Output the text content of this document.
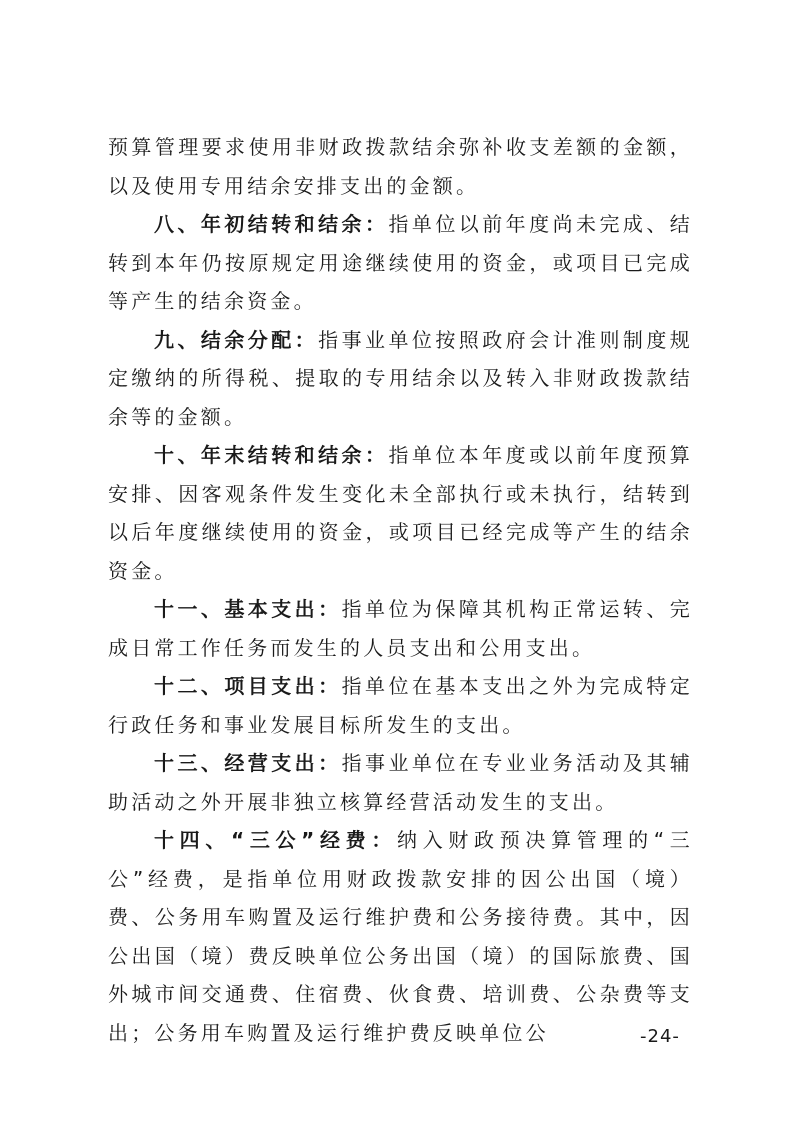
预算管理要求使用非财政拨款结余弥补收支差额的金额，以及使用专用结余安排支出的金额。

八、年初结转和结余：指单位以前年度尚未完成、结转到本年仍按原规定用途继续使用的资金，或项目已完成等产生的结余资金。

九、结余分配：指事业单位按照政府会计准则制度规定缴纳的所得税、提取的专用结余以及转入非财政拨款结余等的金额。

十、年末结转和结余：指单位本年度或以前年度预算安排、因客观条件发生变化未全部执行或未执行，结转到以后年度继续使用的资金，或项目已经完成等产生的结余资金。

十一、基本支出：指单位为保障其机构正常运转、完成日常工作任务而发生的人员支出和公用支出。

十二、项目支出：指单位在基本支出之外为完成特定行政任务和事业发展目标所发生的支出。

十三、经营支出：指事业单位在专业业务活动及其辅助活动之外开展非独立核算经营活动发生的支出。

十四、“三公”经费：纳入财政预决算管理的“三公”经费，是指单位用财政拨款安排的因公出国（境）费、公务用车购置及运行维护费和公务接待费。其中，因公出国（境）费反映单位公务出国（境）的国际旅费、国外城市间交通费、住宿费、伙食费、培训费、公杂费等支出；公务用车购置及运行维护费反映单位公	-24-
